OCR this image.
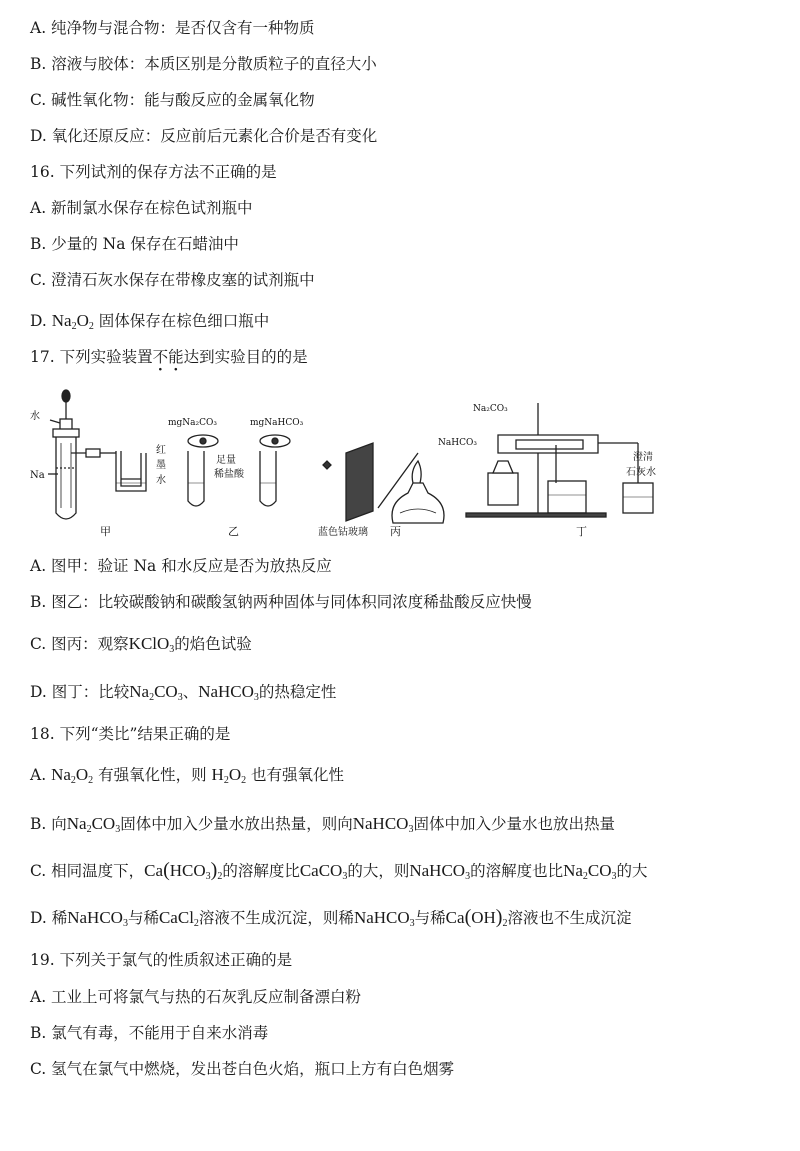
A. 纯净物与混合物：是否仅含有一种物质
B. 溶液与胶体：本质区别是分散质粒子的直径大小
C. 碱性氧化物：能与酸反应的金属氧化物
D. 氧化还原反应：反应前后元素化合价是否有变化
16. 下列试剂的保存方法不正确的是
A. 新制氯水保存在棕色试剂瓶中
B. 少量的 Na 保存在石蜡油中
C. 澄清石灰水保存在带橡皮塞的试剂瓶中
D. $Na_2O_2$ 固体保存在棕色细口瓶中
17. 下列实验装置不能达到实验目的的是
水
Na
红
墨
水
mgNa₂CO₃	mgNaHCO₃
足量
稀盐酸
蓝色钴玻璃
Na₂CO₃
NaHCO₃
澄清
石灰水
甲	乙	丙	丁
A. 图甲：验证 Na 和水反应是否为放热反应
B. 图乙：比较碳酸钠和碳酸氢钠两种固体与同体积同浓度稀盐酸反应快慢
C. 图丙：观察KClO$_3$的焰色试验
D. 图丁：比较$Na_2CO_3$、NaHCO$_3$的热稳定性
18. 下列“类比”结果正确的是
A. $Na_2O_2$ 有强氧化性，则 $H_2O_2$ 也有强氧化性
B. 向$Na_2CO_3$固体中加入少量水放出热量，则向NaHCO$_3$固体中加入少量水也放出热量
C. 相同温度下，$Ca(HCO_3)_2$的溶解度比CaCO$_3$的大，则NaHCO$_3$的溶解度也比$Na_2CO_3$的大
D. 稀NaHCO$_3$与稀CaCl$_2$溶液不生成沉淀，则稀NaHCO$_3$与稀$Ca(OH)_2$溶液也不生成沉淀
19. 下列关于氯气的性质叙述正确的是
A. 工业上可将氯气与热的石灰乳反应制备漂白粉
B. 氯气有毒，不能用于自来水消毒
C. 氢气在氯气中燃烧，发出苍白色火焰，瓶口上方有白色烟雾
